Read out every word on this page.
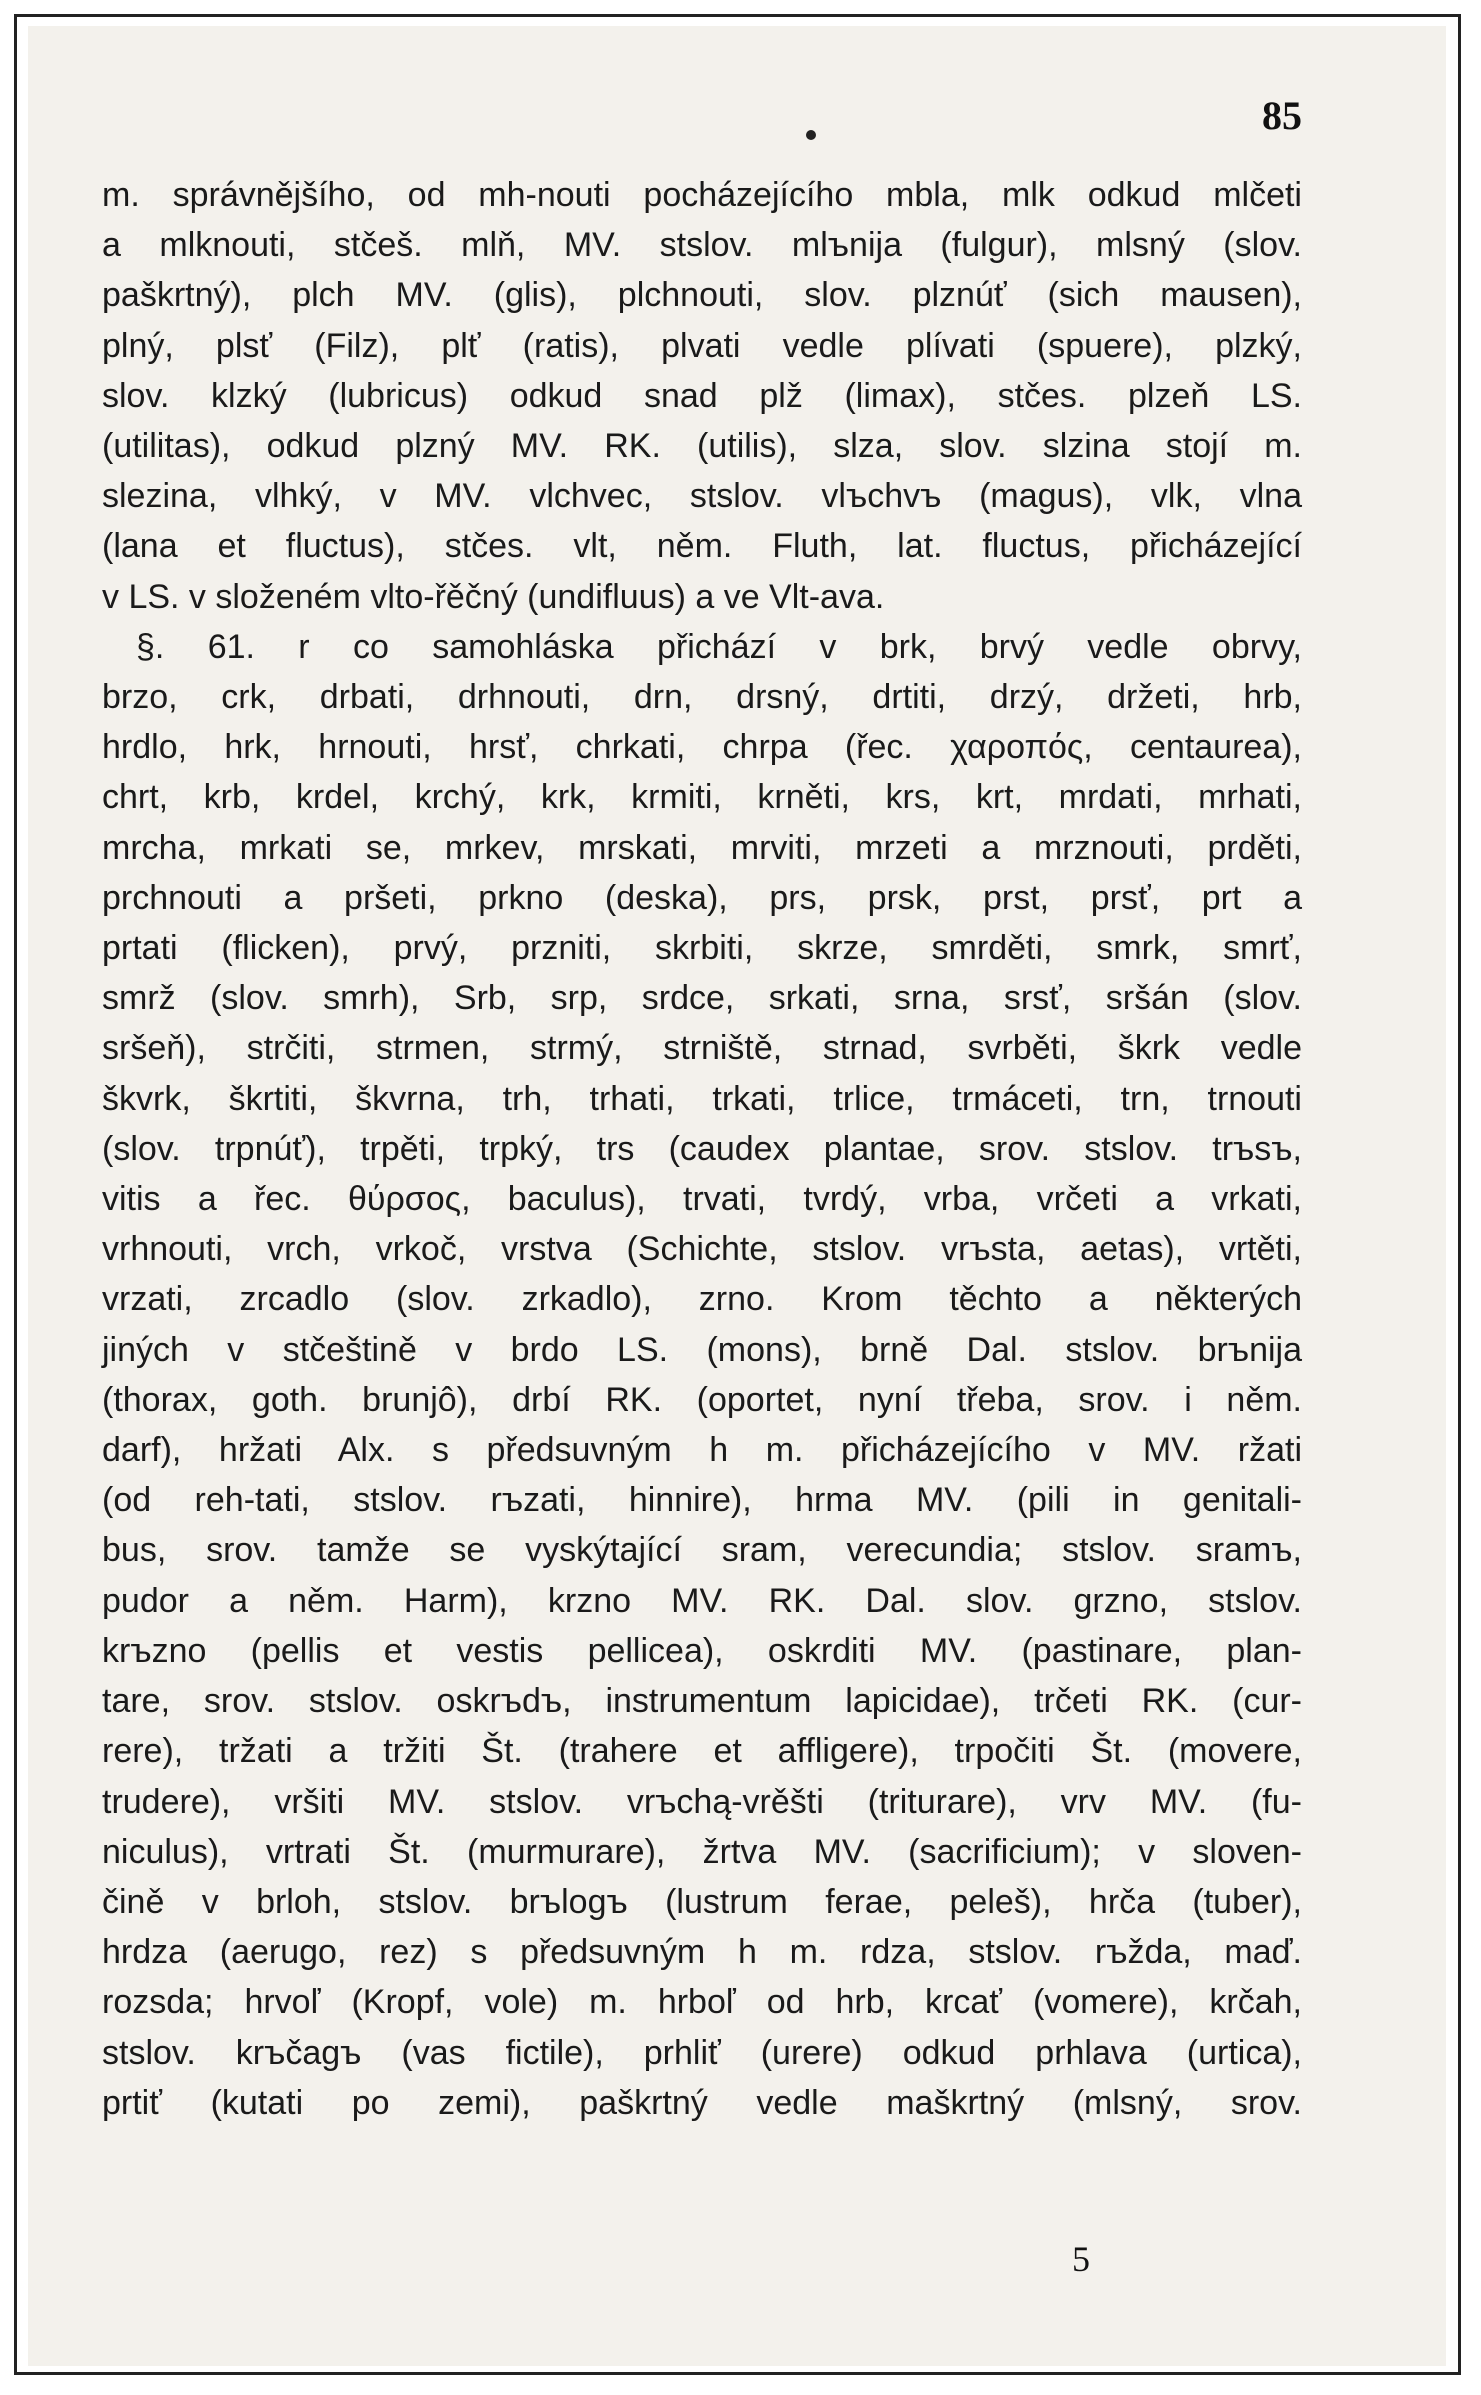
85
m. správnějšího, od mh-nouti pocházejícího mbla, mlk odkud mlčeti
a mlknouti, stčeš. mlň, MV. stslov. mlъnija (fulgur), mlsný (slov.
paškrtný), plch MV. (glis), plchnouti, slov. plznúť (sich mausen),
plný, plsť (Filz), plť (ratis), plvati vedle plívati (spuere), plzký,
slov. klzký (lubricus) odkud snad plž (limax), stčes. plzeň LS.
(utilitas), odkud plzný MV. RK. (utilis), slza, slov. slzina stojí m.
slezina, vlhký, v MV. vlchvec, stslov. vlъchvъ (magus), vlk, vlna
(lana et fluctus), stčes. vlt, něm. Fluth, lat. fluctus, přicházející
v LS. v složeném vlto-řěčný (undifluus) a ve Vlt-ava.
§. 61. r co samohláska přichází v brk, brvý vedle obrvy,
brzo, crk, drbati, drhnouti, drn, drsný, drtiti, drzý, držeti, hrb,
hrdlo, hrk, hrnouti, hrsť, chrkati, chrpa (řec. χαροπός, centaurea),
chrt, krb, krdel, krchý, krk, krmiti, krněti, krs, krt, mrdati, mrhati,
mrcha, mrkati se, mrkev, mrskati, mrviti, mrzeti a mrznouti, prděti,
prchnouti a pršeti, prkno (deska), prs, prsk, prst, prsť, prt a
prtati (flicken), prvý, przniti, skrbiti, skrze, smrděti, smrk, smrť,
smrž (slov. smrh), Srb, srp, srdce, srkati, srna, srsť, sršán (slov.
sršeň), strčiti, strmen, strmý, strniště, strnad, svrběti, škrk vedle
škvrk, škrtiti, škvrna, trh, trhati, trkati, trlice, trmáceti, trn, trnouti
(slov. trpnúť), trpěti, trpký, trs (caudex plantae, srov. stslov. trъsъ,
vitis a řec. θύρσος, baculus), trvati, tvrdý, vrba, vrčeti a vrkati,
vrhnouti, vrch, vrkoč, vrstva (Schichte, stslov. vrъsta, aetas), vrtěti,
vrzati, zrcadlo (slov. zrkadlo), zrno. Krom těchto a některých
jiných v stčeštině v brdo LS. (mons), brně Dal. stslov. brъnija
(thorax, goth. brunjô), drbí RK. (oportet, nyní třeba, srov. i něm.
darf), hržati Alx. s předsuvným h m. přicházejícího v MV. ržati
(od reh-tati, stslov. rъzati, hinnire), hrma MV. (pili in genitali-
bus, srov. tamže se vyskýtající sram, verecundia; stslov. sramъ,
pudor a něm. Harm), krzno MV. RK. Dal. slov. grzno, stslov.
krъzno (pellis et vestis pellicea), oskrditi MV. (pastinare, plan-
tare, srov. stslov. oskrъdъ, instrumentum lapicidae), trčeti RK. (cur-
rere), tržati a tržiti Št. (trahere et affligere), trpočiti Št. (movere,
trudere), vršiti MV. stslov. vrъchą-vrěšti (triturare), vrv MV. (fu-
niculus), vrtrati Št. (murmurare), žrtva MV. (sacrificium); v sloven-
čině v brloh, stslov. brъlogъ (lustrum ferae, peleš), hrča (tuber),
hrdza (aerugo, rez) s předsuvným h m. rdza, stslov. rъžda, maď.
rozsda; hrvoľ (Kropf, vole) m. hrboľ od hrb, krcať (vomere), krčah,
stslov. krъčagъ (vas fictile), prhliť (urere) odkud prhlava (urtica),
prtiť (kutati po zemi), paškrtný vedle maškrtný (mlsný, srov.
5
